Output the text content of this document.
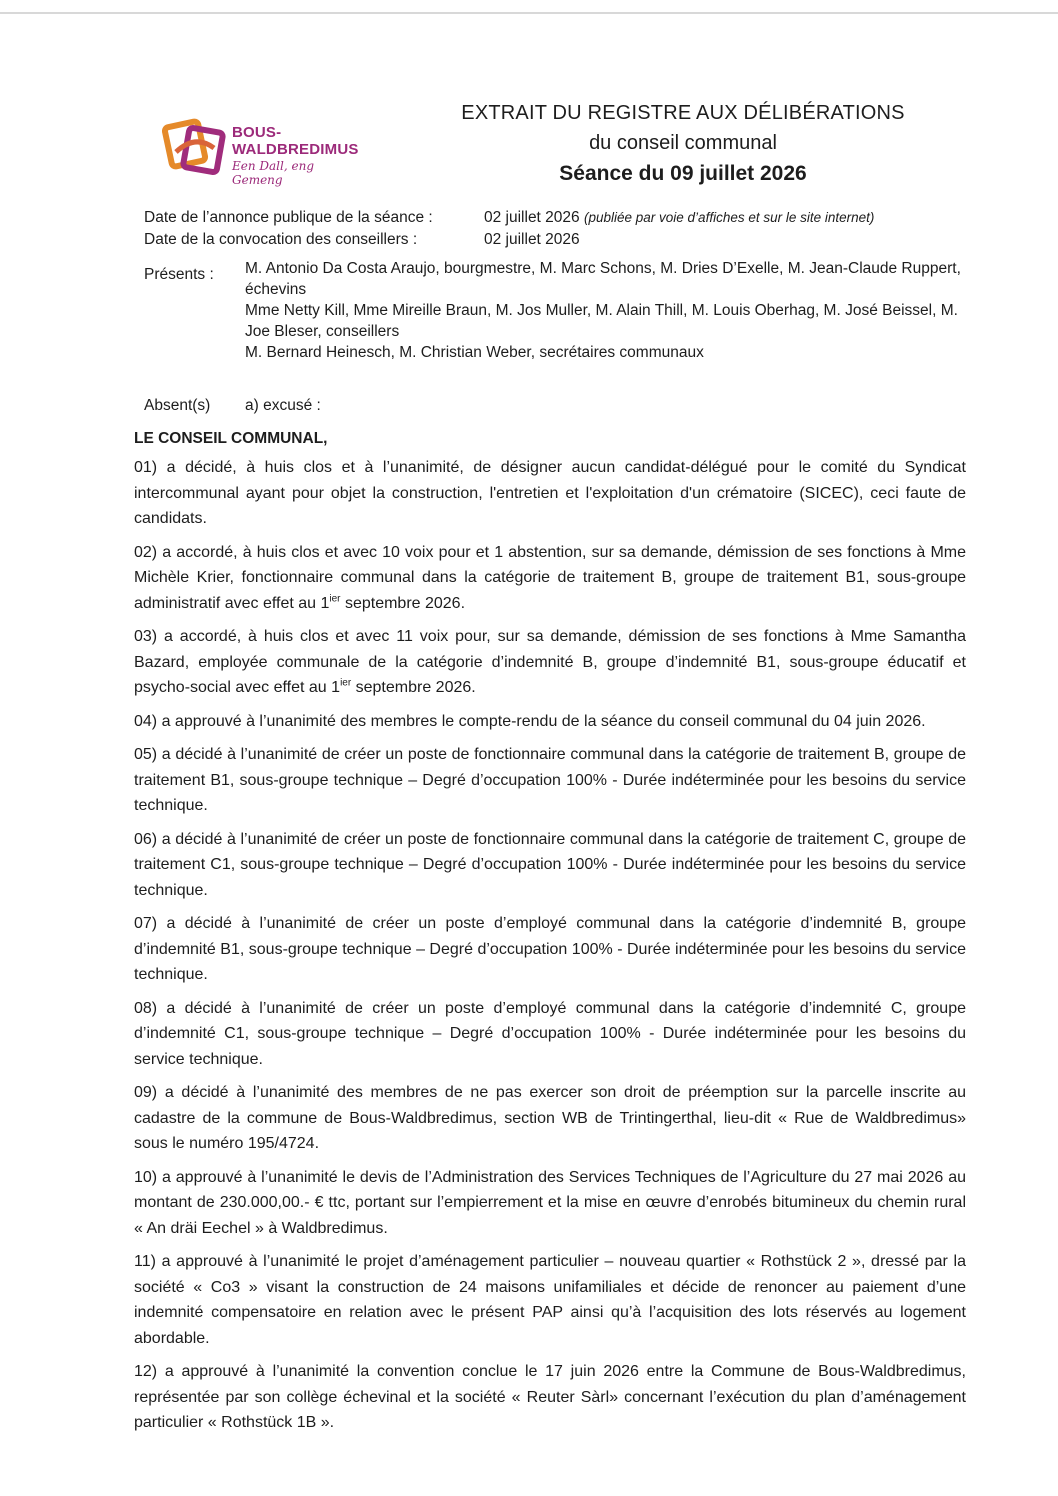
BOUS-
WALDBREDIMUS
Een Dall, eng Gemeng
EXTRAIT DU REGISTRE AUX DÉLIBÉRATIONS
du conseil communal
Séance du 09 juillet 2026
Date de l’annonce publique de la séance :	02 juillet 2026 (publiée par voie d’affiches et sur le site internet)
Date de la convocation des conseillers :	02 juillet 2026
Présents : M. Antonio Da Costa Araujo, bourgmestre, M. Marc Schons, M. Dries D’Exelle, M. Jean-Claude Ruppert, échevins

Mme Netty Kill, Mme Mireille Braun, M. Jos Muller, M. Alain Thill, M. Louis Oberhag, M. José Beissel, M. Joe Bleser, conseillers

M. Bernard Heinesch, M. Christian Weber, secrétaires communaux

Absent(s) a) excusé :
LE CONSEIL COMMUNAL,

01) a décidé, à huis clos et à l’unanimité, de désigner aucun candidat-délégué pour le comité du Syndicat intercommunal ayant pour objet la construction, l'entretien et l'exploitation d'un crématoire (SICEC), ceci faute de candidats.

02) a accordé, à huis clos et avec 10 voix pour et 1 abstention, sur sa demande, démission de ses fonctions à Mme Michèle Krier, fonctionnaire communal dans la catégorie de traitement B, groupe de traitement B1, sous-groupe administratif avec effet au $1^{ier}$ septembre 2026.

03) a accordé, à huis clos et avec 11 voix pour, sur sa demande, démission de ses fonctions à Mme Samantha Bazard, employée communale de la catégorie d’indemnité B, groupe d’indemnité B1, sous-groupe éducatif et psycho-social avec effet au $1^{ier}$ septembre 2026.

04) a approuvé à l’unanimité des membres le compte-rendu de la séance du conseil communal du 04 juin 2026.

05) a décidé à l’unanimité de créer un poste de fonctionnaire communal dans la catégorie de traitement B, groupe de traitement B1, sous-groupe technique – Degré d’occupation 100% - Durée indéterminée pour les besoins du service technique.

06) a décidé à l’unanimité de créer un poste de fonctionnaire communal dans la catégorie de traitement C, groupe de traitement C1, sous-groupe technique – Degré d’occupation 100% - Durée indéterminée pour les besoins du service technique.

07) a décidé à l’unanimité de créer un poste d’employé communal dans la catégorie d’indemnité B, groupe d’indemnité B1, sous-groupe technique – Degré d’occupation 100% - Durée indéterminée pour les besoins du service technique.

08) a décidé à l’unanimité de créer un poste d’employé communal dans la catégorie d’indemnité C, groupe d’indemnité C1, sous-groupe technique – Degré d’occupation 100% - Durée indéterminée pour les besoins du service technique.

09) a décidé à l’unanimité des membres de ne pas exercer son droit de préemption sur la parcelle inscrite au cadastre de la commune de Bous-Waldbredimus, section WB de Trintingerthal, lieu-dit « Rue de Waldbredimus» sous le numéro 195/4724.

10) a approuvé à l’unanimité le devis de l’Administration des Services Techniques de l’Agriculture du 27 mai 2026 au montant de 230.000,00.- € ttc, portant sur l’empierrement et la mise en œuvre d’enrobés bitumineux du chemin rural « An dräi Eechel » à Waldbredimus.

11) a approuvé à l’unanimité le projet d’aménagement particulier – nouveau quartier « Rothstück 2 », dressé par la société « Co3 » visant la construction de 24 maisons unifamiliales et décide de renoncer au paiement d’une indemnité compensatoire en relation avec le présent PAP ainsi qu’à l’acquisition des lots réservés au logement abordable.

12) a approuvé à l’unanimité la convention conclue le 17 juin 2026 entre la Commune de Bous-Waldbredimus, représentée par son collège échevinal et la société « Reuter Sàrl» concernant l’exécution du plan d’aménagement particulier « Rothstück 1B ».
